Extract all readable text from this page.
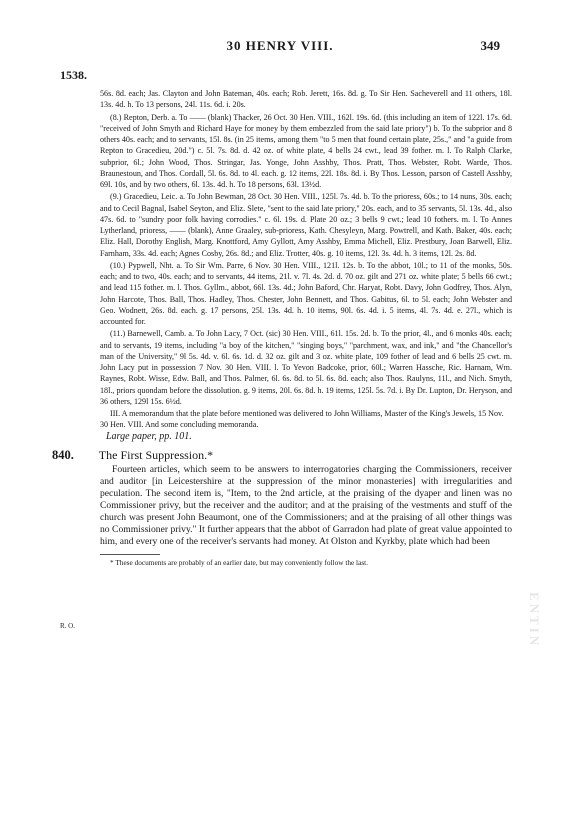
30 HENRY VIII.	349
1538.
R. O.

56s. 8d. each; Jas. Clayton and John Bateman, 40s. each; Rob. Jerett, 16s. 8d. g. To Sir Hen. Sacheverell and 11 others, 18l. 13s. 4d. h. To 13 persons, 24l. 11s. 6d. i. 20s.

(8.) Repton, Derb. a. To —— (blank) Thacker, 26 Oct. 30 Hen. VIII., 162l. 19s. 6d. (this including an item of 122l. 17s. 6d. "received of John Smyth and Richard Haye for money by them embezzled from the said late priory") b. To the subprior and 8 others 40s. each; and to servants, 15l. 8s. (in 25 items, among them "to 5 men that found certain plate, 25s.," and "a guide from Repton to Gracedieu, 20d.") c. 5l. 7s. 8d. d. 42 oz. of white plate, 4 bells 24 cwt., lead 39 fother. m. l. To Ralph Clarke, subprior, 6l.; John Wood, Thos. Stringar, Jas. Yonge, John Asshby, Thos. Pratt, Thos. Webster, Robt. Warde, Thos. Braunestoun, and Thos. Cordall, 5l. 6s. 8d. to 4l. each. g. 12 items, 22l. 18s. 8d. i. By Thos. Lesson, parson of Castell Asshby, 69l. 10s, and by two others, 6l. 13s. 4d. h. To 18 persons, 63l. 13½d.

(9.) Gracedieu, Leic. a. To John Bewman, 28 Oct. 30 Hen. VIII., 125l. 7s. 4d. b. To the prioress, 60s.; to 14 nuns, 30s. each; and to Cecil Bagnal, Isabel Seyton, and Eliz. Slete, "sent to the said late priory," 20s. each, and to 35 servants, 5l. 13s. 4d., also 47s. 6d. to "sundry poor folk having corrodies." c. 6l. 19s. d. Plate 20 oz.; 3 bells 9 cwt.; lead 10 fothers. m. l. To Annes Lytherland, prioress, —— (blank), Anne Graaley, sub-prioress, Kath. Chesyleyn, Marg. Powtrell, and Kath. Baker, 40s. each; Eliz. Hall, Dorothy English, Marg. Knottford, Amy Gyllott, Amy Asshby, Emma Michell, Eliz. Prestbury, Joan Barwell, Eliz. Farnham, 33s. 4d. each; Agnes Cosby, 26s. 8d.; and Eliz. Trotter, 40s. g. 10 items, 12l. 3s. 4d. h. 3 items, 12l. 2s. 8d.

(10.) Pypwell, Nht. a. To Sir Wm. Parre, 6 Nov. 30 Hen. VIII., 121l. 12s. b. To the abbot, 10l.; to 11 of the monks, 50s. each; and to two, 40s. each; and to servants, 44 items, 21l. v. 7l. 4s. 2d. d. 70 oz. gilt and 271 oz. white plate; 5 bells 66 cwt.; and lead 115 fother. m. l. Thos. Gyllm., abbot, 66l. 13s. 4d.; John Baford, Chr. Haryat, Robt. Davy, John Godfrey, Thos. Alyn, John Harcote, Thos. Ball, Thos. Hadley, Thos. Chester, John Bennett, and Thos. Gabitus, 6l. to 5l. each; John Webster and Geo. Wodnett, 26s. 8d. each. g. 17 persons, 25l. 13s. 4d. h. 10 items, 90l. 6s. 4d. i. 5 items, 4l. 7s. 4d. e. 27l., which is accounted for.

(11.) Barnewell, Camb. a. To John Lacy, 7 Oct. (sic) 30 Hen. VIII., 61l. 15s. 2d. b. To the prior, 4l., and 6 monks 40s. each; and to servants, 19 items, including "a boy of the kitchen," "singing boys," "parchment, wax, and ink," and "the Chancellor's man of the University," 9l 5s. 4d. v. 6l. 6s. 1d. d. 32 oz. gilt and 3 oz. white plate, 109 fother of lead and 6 bells 25 cwt. m. John Lacy put in possession 7 Nov. 30 Hen. VIII. l. To Yevon Badcoke, prior, 60l.; Warren Hassche, Ric. Harnam, Wm. Raynes, Robt. Wisse, Edw. Ball, and Thos. Palmer, 6l. 6s. 8d. to 5l. 6s. 8d. each; also Thos. Raulyns, 11l., and Nich. Smyth, 18l., priors quondam before the dissolution. g. 9 items, 20l. 6s. 8d. h. 19 items, 125l. 5s. 7d. i. By Dr. Lupton, Dr. Heryson, and 36 others, 129l 15s. 6½d.

III. A memorandum that the plate before mentioned was delivered to John Williams, Master of the King's Jewels, 15 Nov. 30 Hen. VIII. And some concluding memoranda.

Large paper, pp. 101.

840. The First Suppression.*

Fourteen articles, which seem to be answers to interrogatories charging the Commissioners, receiver and auditor [in Leicestershire at the suppression of the minor monasteries] with irregularities and peculation. The second item is, "Item, to the 2nd article, at the praising of the dyaper and linen was no Commissioner privy, but the receiver and the auditor; and at the praising of the vestments and stuff of the church was present John Beaumont, one of the Commissioners; and at the praising of all other things was no Commissioner privy." It further appears that the abbot of Garradon had plate of great value appointed to him, and every one of the receiver's servants had money. At Olston and Kyrkby, plate which had been

* These documents are probably of an earlier date, but may conveniently follow the last.

ENTIN
